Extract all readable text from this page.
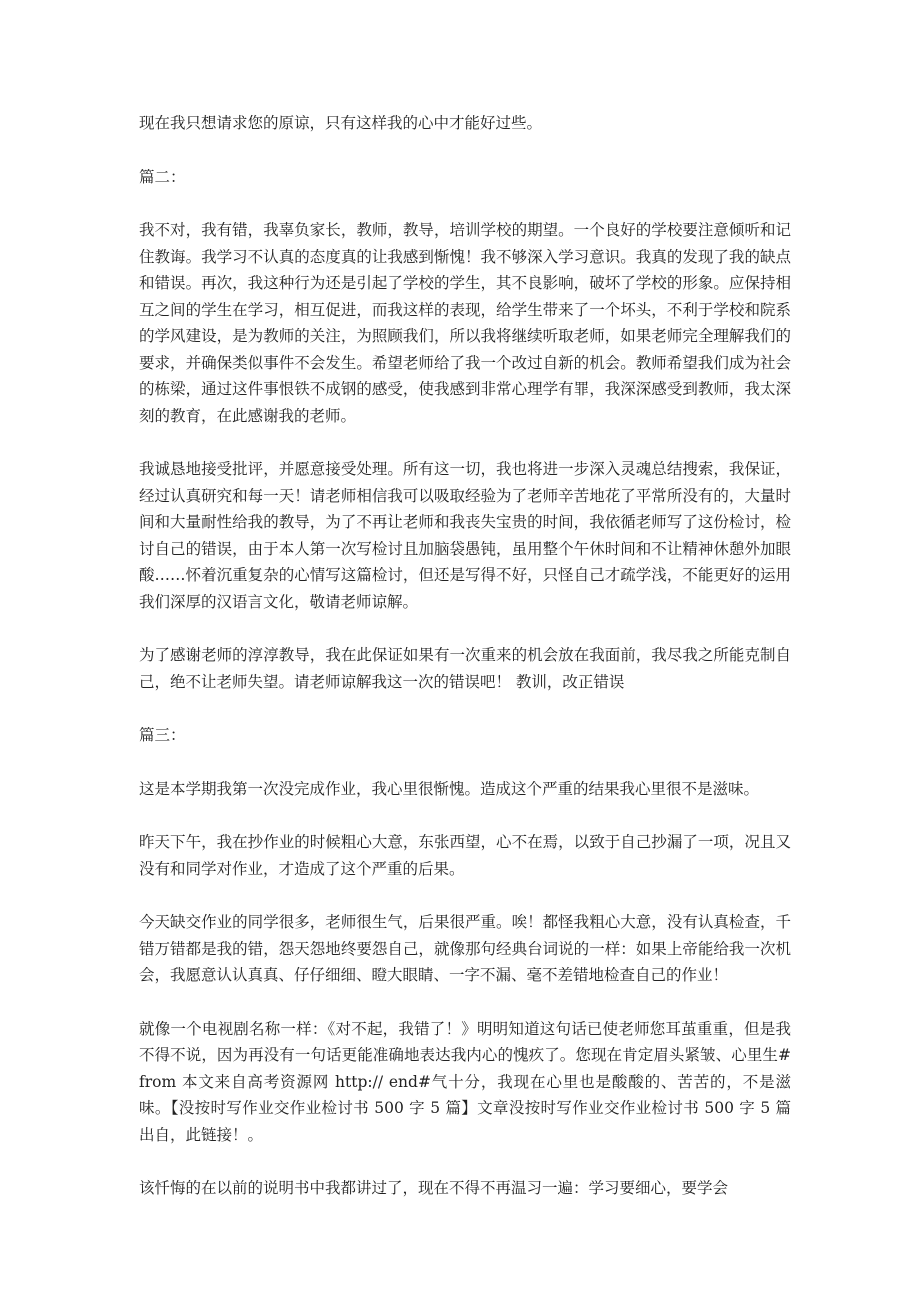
现在我只想请求您的原谅，只有这样我的心中才能好过些。

篇二：

我不对，我有错，我辜负家长，教师，教导，培训学校的期望。一个良好的学校要注意倾听和记住教诲。我学习不认真的态度真的让我感到惭愧！我不够深入学习意识。我真的发现了我的缺点和错误。再次，我这种行为还是引起了学校的学生，其不良影响，破坏了学校的形象。应保持相互之间的学生在学习，相互促进，而我这样的表现，给学生带来了一个坏头，不利于学校和院系的学风建设，是为教师的关注，为照顾我们，所以我将继续听取老师，如果老师完全理解我们的要求，并确保类似事件不会发生。希望老师给了我一个改过自新的机会。教师希望我们成为社会的栋梁，通过这件事恨铁不成钢的感受，使我感到非常心理学有罪，我深深感受到教师，我太深刻的教育，在此感谢我的老师。

我诚恳地接受批评，并愿意接受处理。所有这一切，我也将进一步深入灵魂总结搜索，我保证，经过认真研究和每一天！请老师相信我可以吸取经验为了老师辛苦地花了平常所没有的，大量时间和大量耐性给我的教导，为了不再让老师和我丧失宝贵的时间，我依循老师写了这份检讨，检讨自己的错误，由于本人第一次写检讨且加脑袋愚钝，虽用整个午休时间和不让精神休憩外加眼酸……怀着沉重复杂的心情写这篇检讨，但还是写得不好，只怪自己才疏学浅，不能更好的运用我们深厚的汉语言文化，敬请老师谅解。

为了感谢老师的淳淳教导，我在此保证如果有一次重来的机会放在我面前，我尽我之所能克制自己，绝不让老师失望。请老师谅解我这一次的错误吧！ 教训，改正错误

篇三：

这是本学期我第一次没完成作业，我心里很惭愧。造成这个严重的结果我心里很不是滋味。

昨天下午，我在抄作业的时候粗心大意，东张西望，心不在焉，以致于自己抄漏了一项，况且又没有和同学对作业，才造成了这个严重的后果。

今天缺交作业的同学很多，老师很生气，后果很严重。唉！都怪我粗心大意，没有认真检查，千错万错都是我的错，怨天怨地终要怨自己，就像那句经典台词说的一样：如果上帝能给我一次机会，我愿意认认真真、仔仔细细、瞪大眼睛、一字不漏、毫不差错地检查自己的作业！

就像一个电视剧名称一样：《对不起，我错了！》明明知道这句话已使老师您耳茧重重，但是我不得不说，因为再没有一句话更能准确地表达我内心的愧疚了。您现在肯定眉头紧皱、心里生#from 本文来自高考资源网 http:// end#气十分，我现在心里也是酸酸的、苦苦的，不是滋味。【没按时写作业交作业检讨书 500 字 5 篇】文章没按时写作业交作业检讨书 500 字 5 篇出自，此链接！。

该忏悔的在以前的说明书中我都讲过了，现在不得不再温习一遍：学习要细心，要学会
